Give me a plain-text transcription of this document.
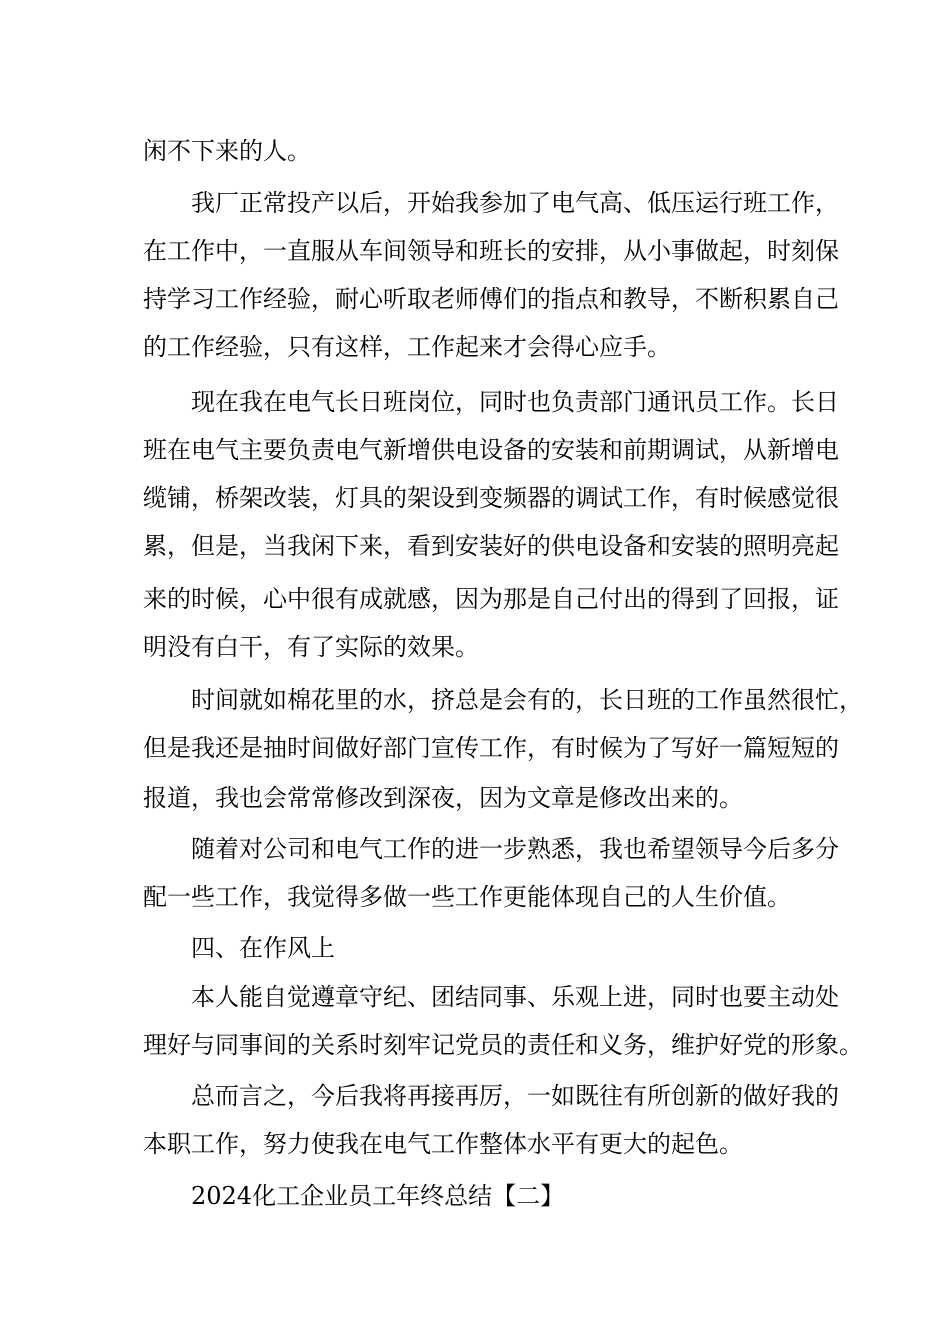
闲不下来的人。
我厂正常投产以后，开始我参加了电气高、低压运行班工作，
在工作中，一直服从车间领导和班长的安排，从小事做起，时刻保
持学习工作经验，耐心听取老师傅们的指点和教导，不断积累自己
的工作经验，只有这样，工作起来才会得心应手。
现在我在电气长日班岗位，同时也负责部门通讯员工作。长日
班在电气主要负责电气新增供电设备的安装和前期调试，从新增电
缆铺，桥架改装，灯具的架设到变频器的调试工作，有时候感觉很
累，但是，当我闲下来，看到安装好的供电设备和安装的照明亮起
来的时候，心中很有成就感，因为那是自己付出的得到了回报，证
明没有白干，有了实际的效果。
时间就如棉花里的水，挤总是会有的，长日班的工作虽然很忙，
但是我还是抽时间做好部门宣传工作，有时候为了写好一篇短短的
报道，我也会常常修改到深夜，因为文章是修改出来的。
随着对公司和电气工作的进一步熟悉，我也希望领导今后多分
配一些工作，我觉得多做一些工作更能体现自己的人生价值。
四、在作风上
本人能自觉遵章守纪、团结同事、乐观上进，同时也要主动处
理好与同事间的关系时刻牢记党员的责任和义务，维护好党的形象。
总而言之，今后我将再接再厉，一如既往有所创新的做好我的
本职工作，努力使我在电气工作整体水平有更大的起色。
2024化工企业员工年终总结【二】
